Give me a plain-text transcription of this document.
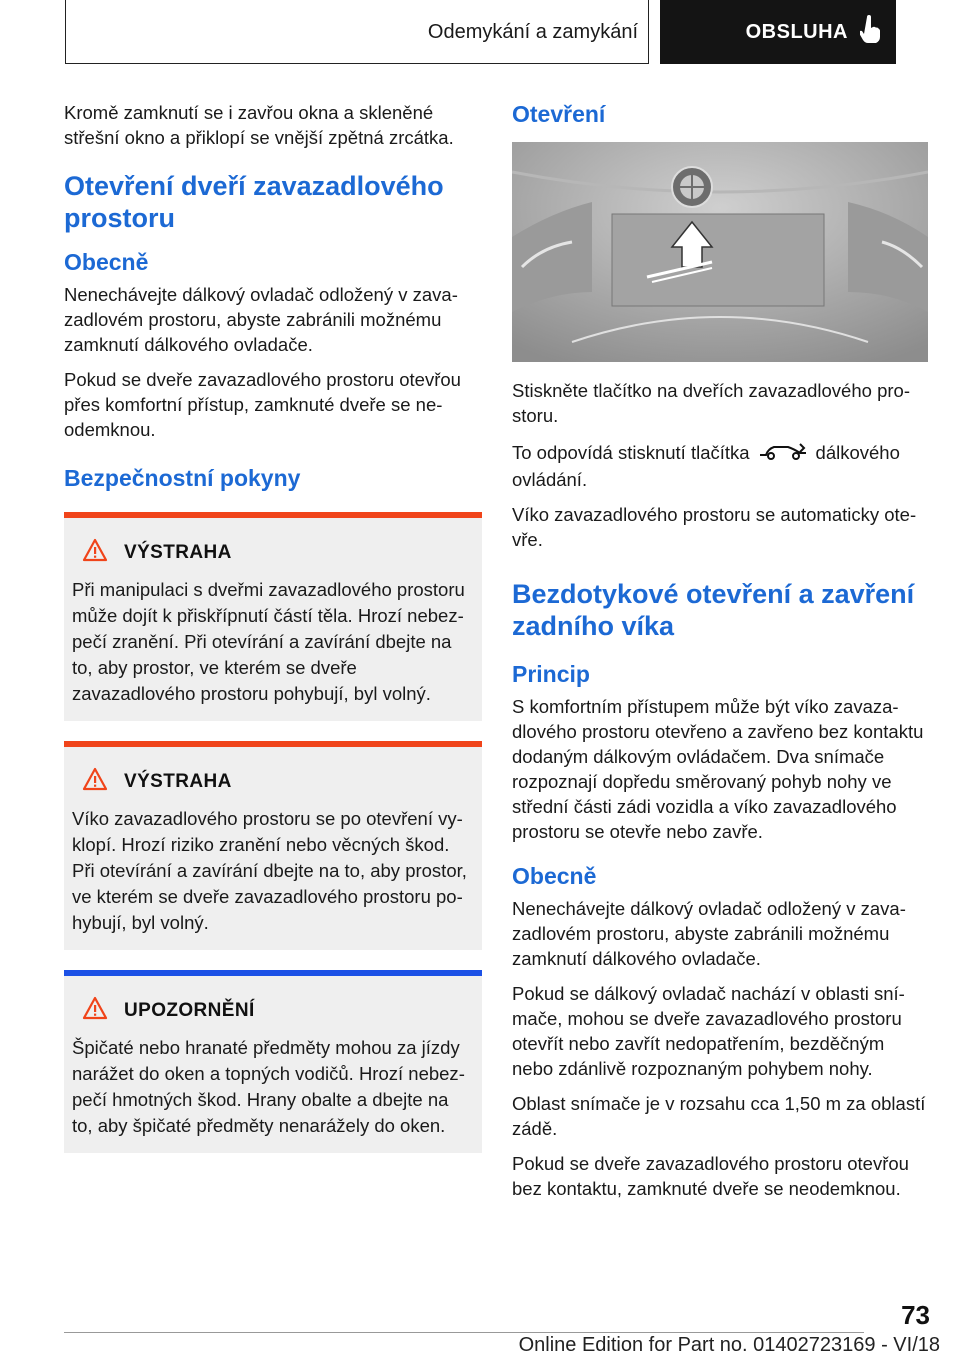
Odemykání a zamykání	OBSLUHA

Kromě zamknutí se i zavřou okna a skleněné střešní okno a přiklopí se vnější zpětná zrcátka.

Otevření dveří zavazadlového prostoru
Obecně

Nenechávejte dálkový ovladač odložený v zavazadlovém prostoru, abyste zabránili možnému zamknutí dálkového ovladače.

Pokud se dveře zavazadlového prostoru otevřou přes komfortní přístup, zamknuté dveře se neodemknou.

Bezpečnostní pokyny
VÝSTRAHA

Při manipulaci s dveřmi zavazadlového prostoru může dojít k přiskřípnutí částí těla. Hrozí nebezpečí zranění. Při otevírání a zavírání dbejte na to, aby prostor, ve kterém se dveře zavazadlového prostoru pohybují, byl volný.

VÝSTRAHA

Víko zavazadlového prostoru se po otevření vyklopí. Hrozí riziko zranění nebo věcných škod. Při otevírání a zavírání dbejte na to, aby prostor, ve kterém se dveře zavazadlového prostoru pohybují, byl volný.

UPOZORNĚNÍ

Špičaté nebo hranaté předměty mohou za jízdy narážet do oken a topných vodičů. Hrozí nebezpečí hmotných škod. Hrany obalte a dbejte na to, aby špičaté předměty nenarážely do oken.

Otevření

Stiskněte tlačítko na dveřích zavazadlového prostoru.

To odpovídá stisknutí tlačítka	dálkového ovládání.

Víko zavazadlového prostoru se automaticky otevře.

Bezdotykové otevření a zavření zadního víka
Princip

S komfortním přístupem může být víko zavazadlového prostoru otevřeno a zavřeno bez kontaktu dodaným dálkovým ovládačem. Dva snímače rozpoznají dopředu směrovaný pohyb nohy ve střední části zádi vozidla a víko zavazadlového prostoru se otevře nebo zavře.

Obecně

Nenechávejte dálkový ovladač odložený v zavazadlovém prostoru, abyste zabránili možnému zamknutí dálkového ovladače.

Pokud se dálkový ovladač nachází v oblasti snímače, mohou se dveře zavazadlového prostoru otevřít nebo zavřít nedopatřením, bezděčným nebo zdánlivě rozpoznaným pohybem nohy.

Oblast snímače je v rozsahu cca 1,50 m za oblastí zádě.

Pokud se dveře zavazadlového prostoru otevřou bez kontaktu, zamknuté dveře se neodemknou.

73
Online Edition for Part no. 01402723169 - VI/18
